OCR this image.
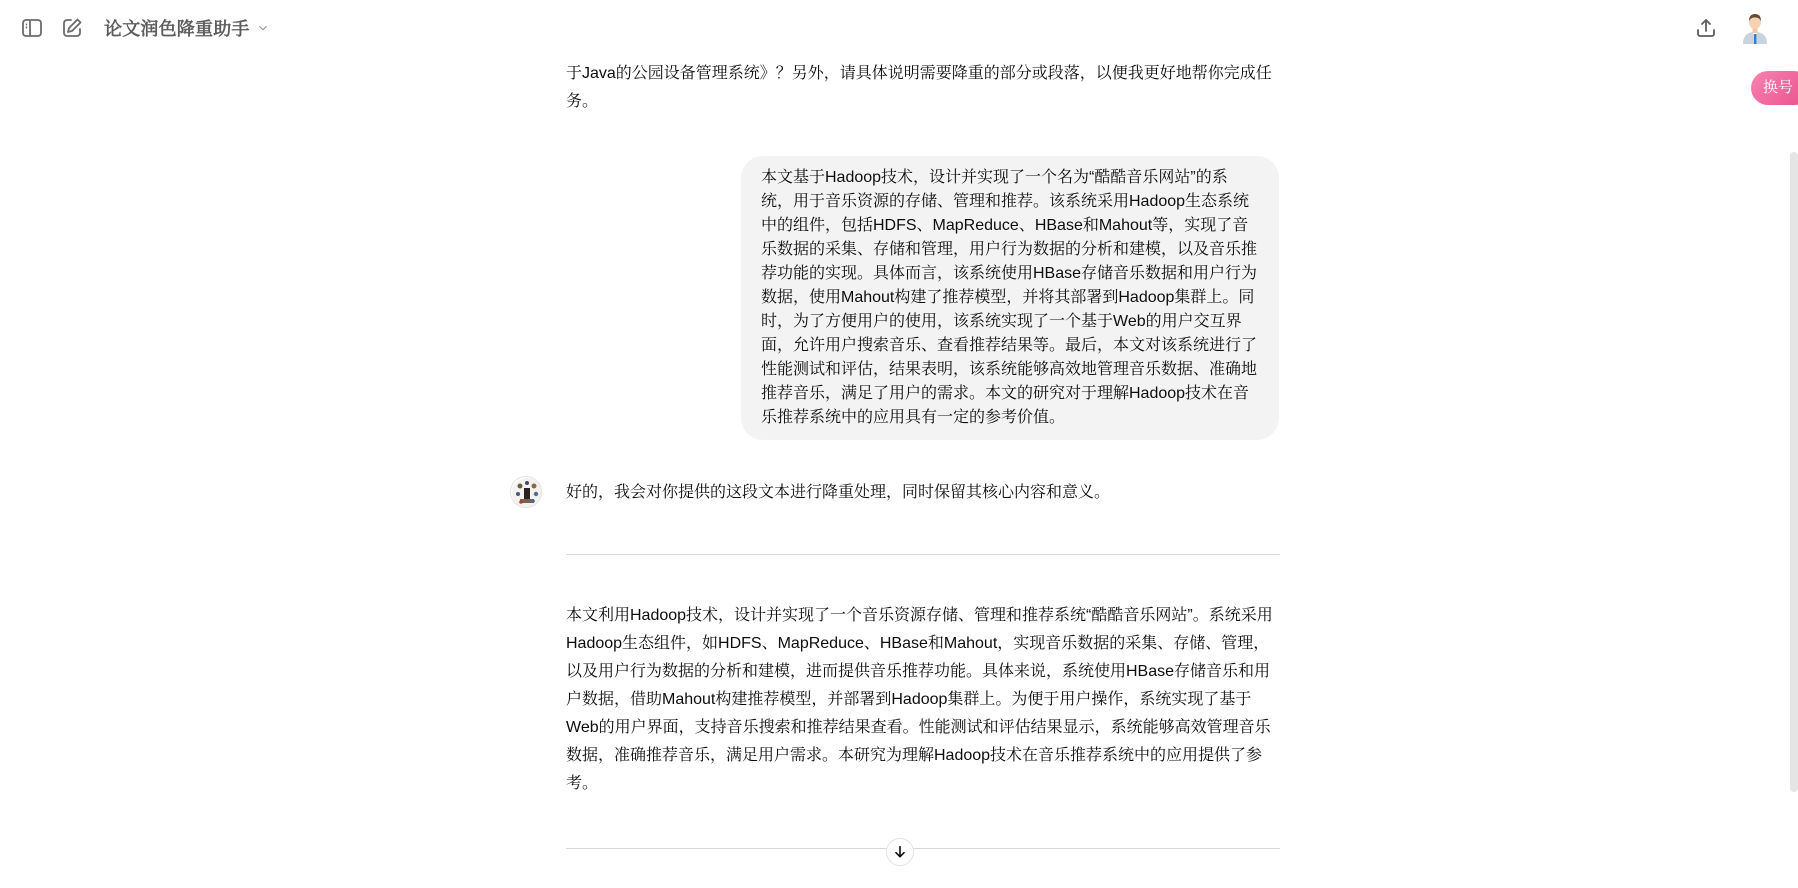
论文润色降重助手
换号
于Java的公园设备管理系统》？另外，请具体说明需要降重的部分或段落，以便我更好地帮你完成任务。
本文基于Hadoop技术，设计并实现了一个名为“酷酷音乐网站”的系统，用于音乐资源的存储、管理和推荐。该系统采用Hadoop生态系统中的组件，包括HDFS、MapReduce、HBase和Mahout等，实现了音乐数据的采集、存储和管理，用户行为数据的分析和建模，以及音乐推荐功能的实现。具体而言，该系统使用HBase存储音乐数据和用户行为数据，使用Mahout构建了推荐模型，并将其部署到Hadoop集群上。同时，为了方便用户的使用，该系统实现了一个基于Web的用户交互界面，允许用户搜索音乐、查看推荐结果等。最后，本文对该系统进行了性能测试和评估，结果表明，该系统能够高效地管理音乐数据、准确地推荐音乐，满足了用户的需求。本文的研究对于理解Hadoop技术在音乐推荐系统中的应用具有一定的参考价值。
好的，我会对你提供的这段文本进行降重处理，同时保留其核心内容和意义。
本文利用Hadoop技术，设计并实现了一个音乐资源存储、管理和推荐系统“酷酷音乐网站”。系统采用Hadoop生态组件，如HDFS、MapReduce、HBase和Mahout，实现音乐数据的采集、存储、管理，以及用户行为数据的分析和建模，进而提供音乐推荐功能。具体来说，系统使用HBase存储音乐和用户数据，借助Mahout构建推荐模型，并部署到Hadoop集群上。为便于用户操作，系统实现了基于Web的用户界面，支持音乐搜索和推荐结果查看。性能测试和评估结果显示，系统能够高效管理音乐数据，准确推荐音乐，满足用户需求。本研究为理解Hadoop技术在音乐推荐系统中的应用提供了参考。
